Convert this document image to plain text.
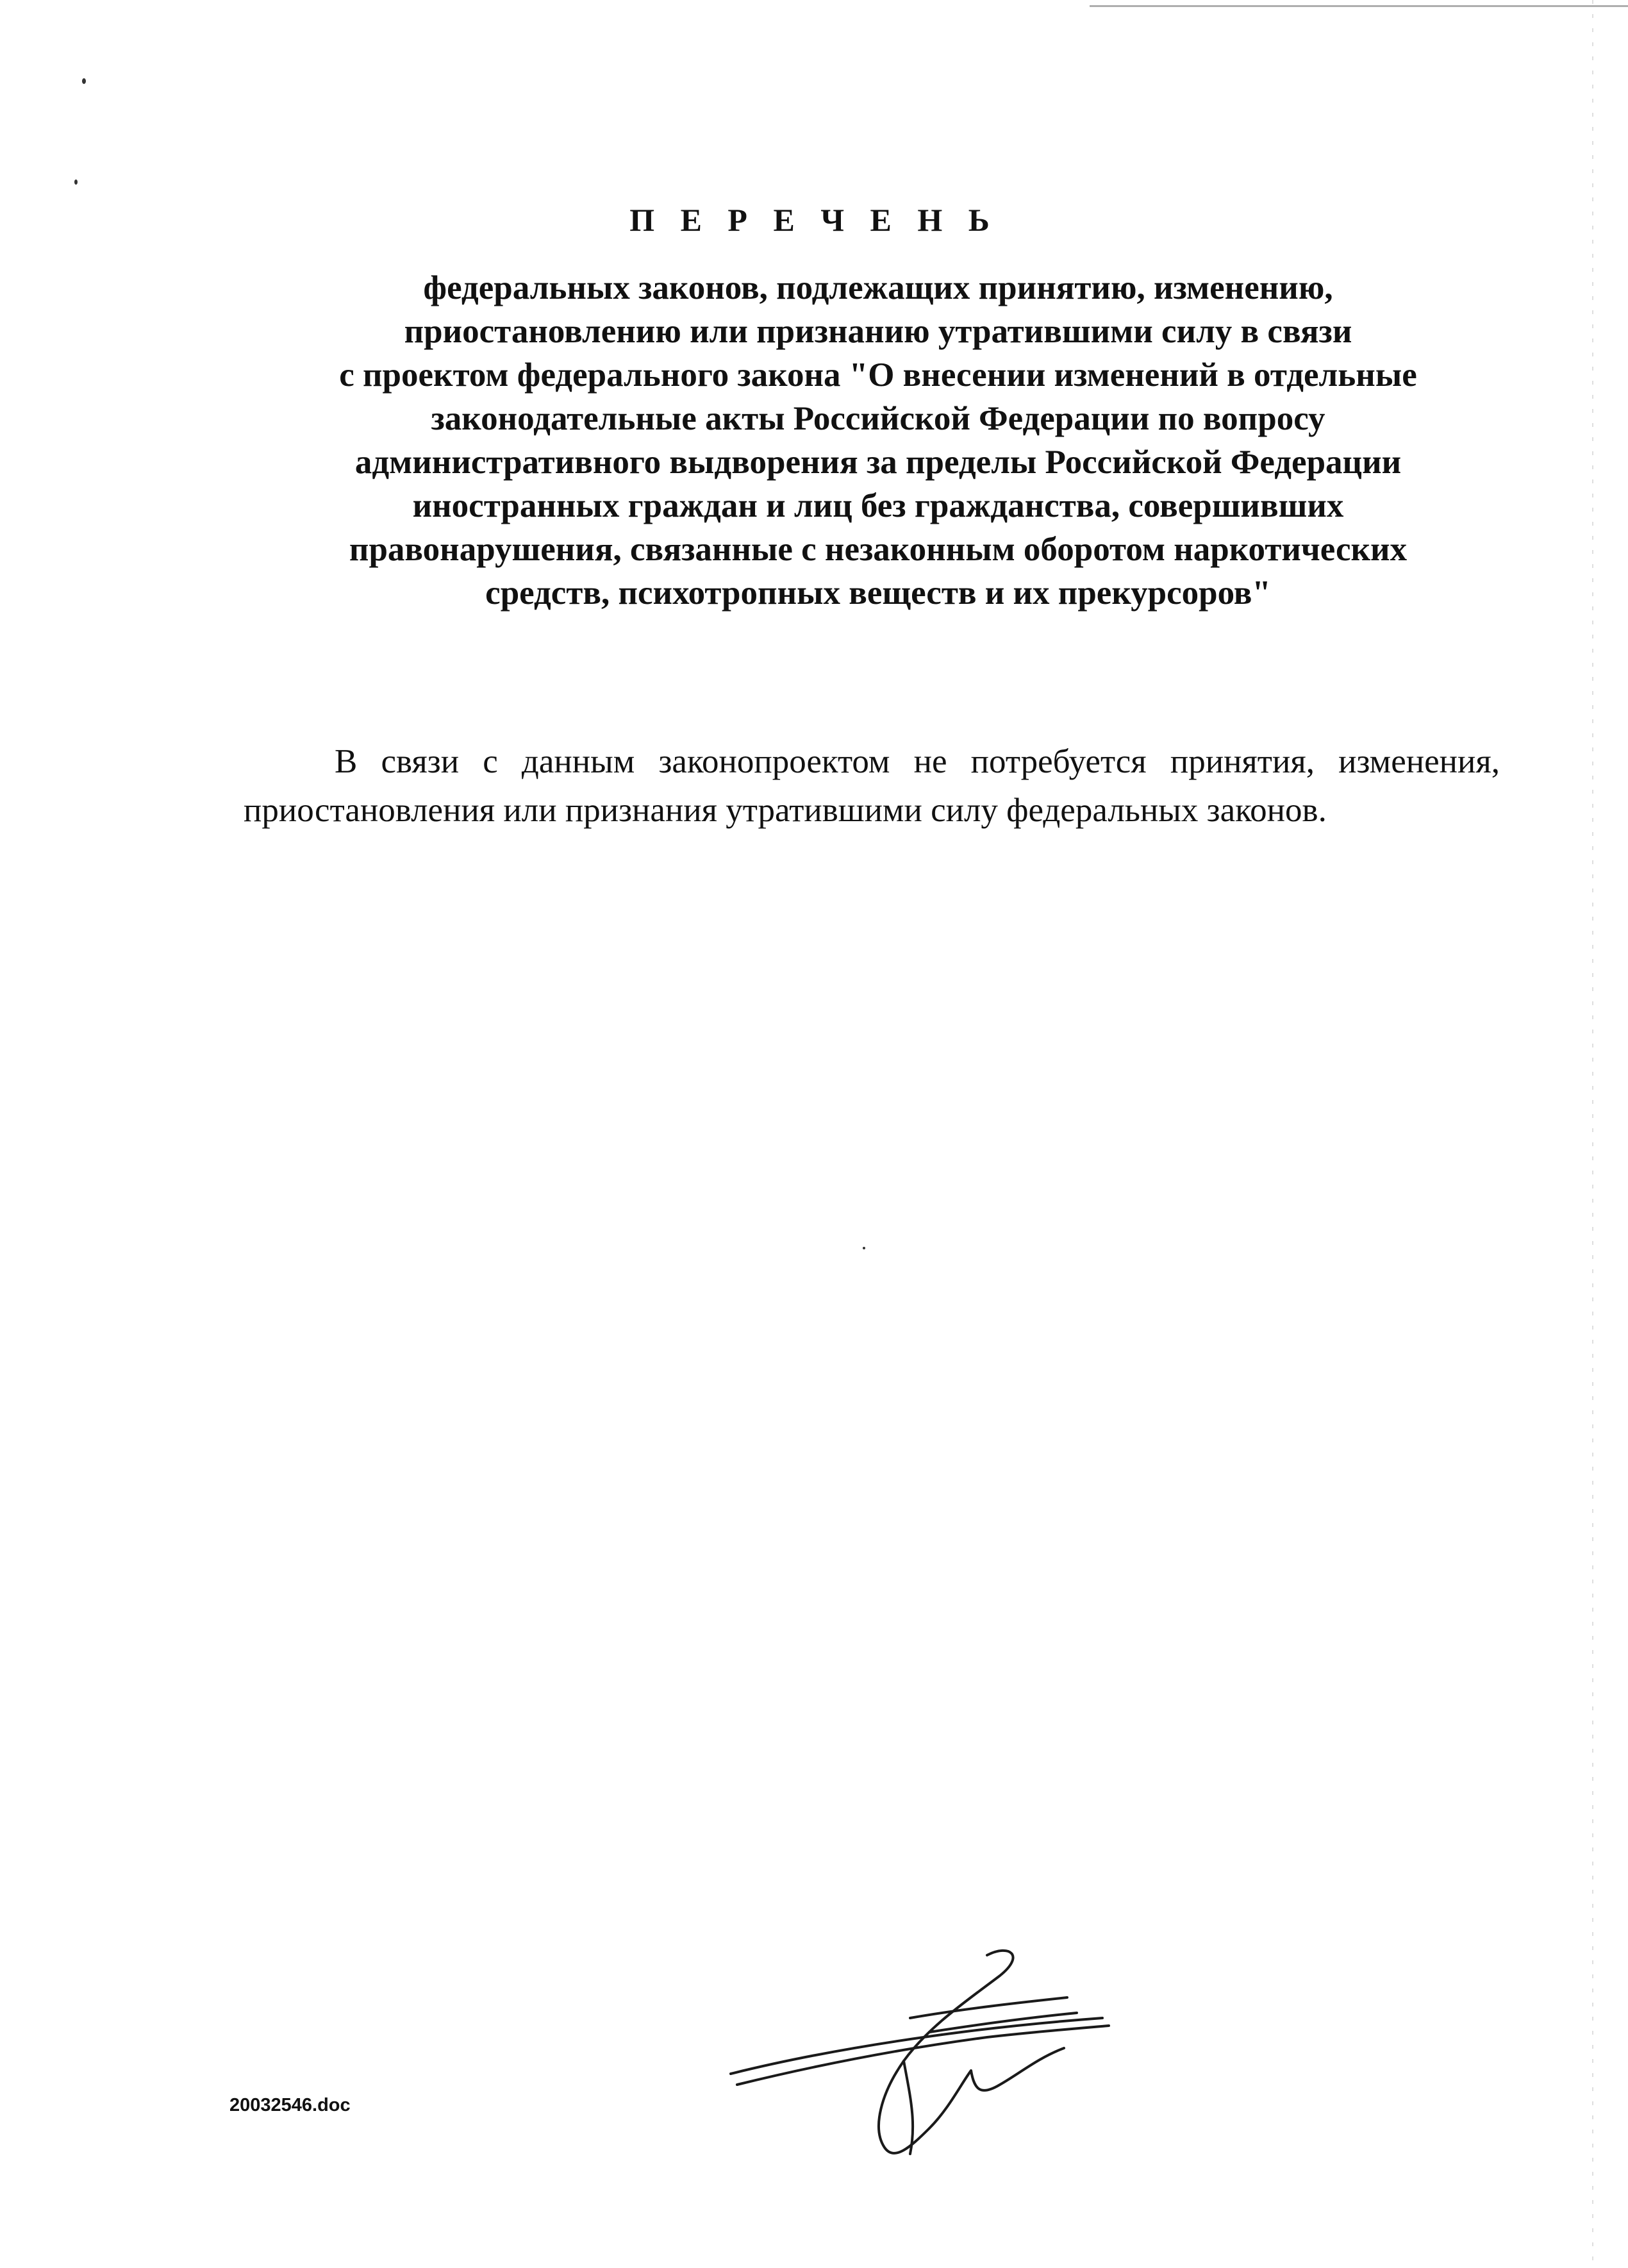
П Е Р Е Ч Е Н Ь
федеральных законов, подлежащих принятию, изменению,
приостановлению или признанию утратившими силу в связи
с проектом федерального закона "О внесении изменений в отдельные
законодательные акты Российской Федерации по вопросу
административного выдворения за пределы Российской Федерации
иностранных граждан и лиц без гражданства, совершивших
правонарушения, связанные с незаконным оборотом наркотических
средств, психотропных веществ и их прекурсоров"
В связи с данным законопроектом не потребуется принятия, изменения,
приостановления или признания утратившими силу федеральных законов.
20032546.doc
